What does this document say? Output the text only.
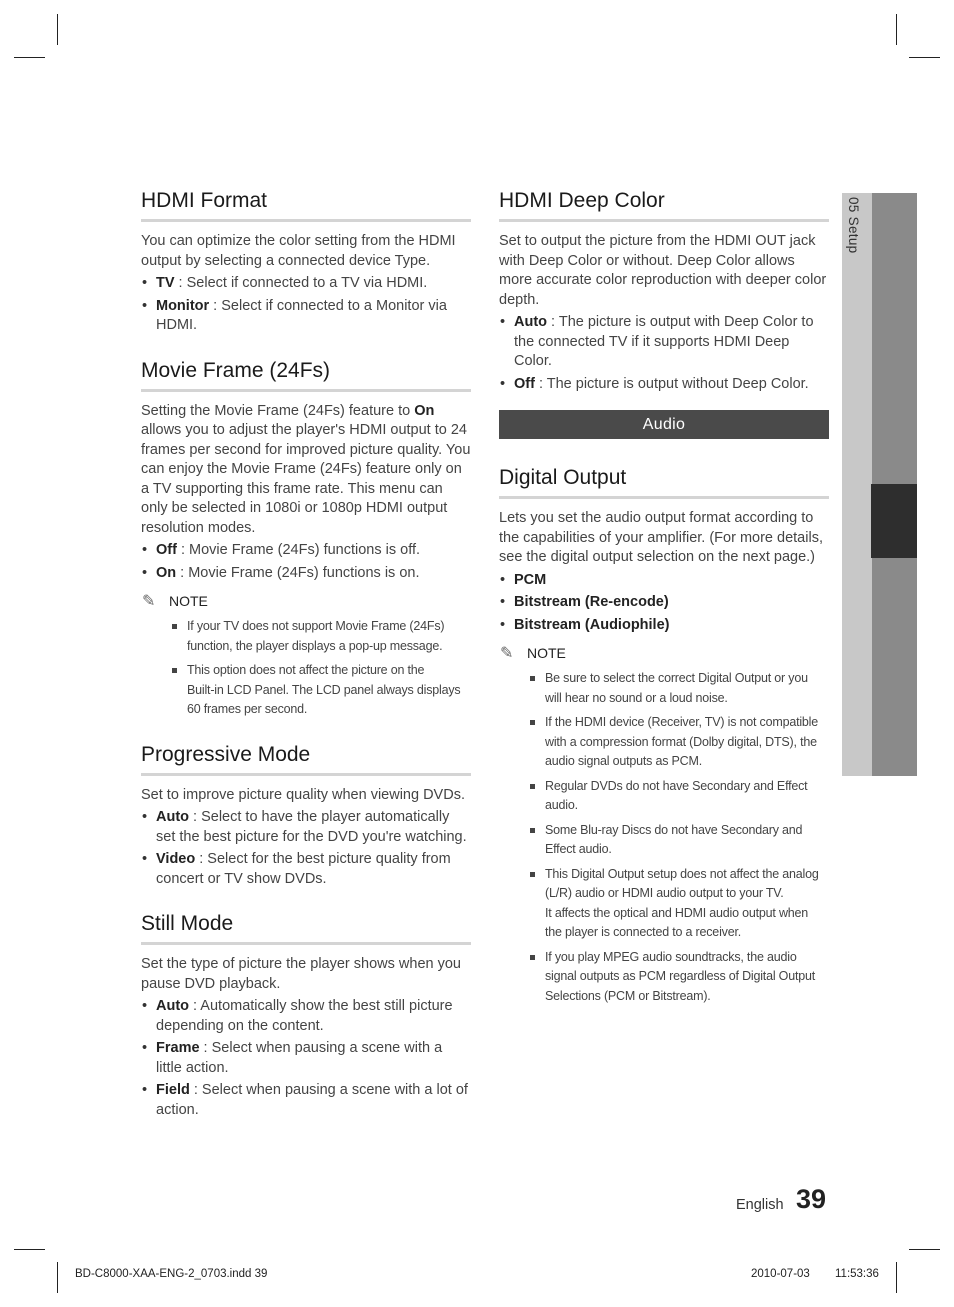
HDMI Format

You can optimize the color setting from the HDMI output by selecting a connected device Type.

• TV : Select if connected to a TV via HDMI.
• Monitor : Select if connected to a Monitor via HDMI.
Movie Frame (24Fs)

Setting the Movie Frame (24Fs) feature to On allows you to adjust the player's HDMI output to 24 frames per second for improved picture quality. You can enjoy the Movie Frame (24Fs) feature only on a TV supporting this frame rate. This menu can only be selected in 1080i or 1080p HDMI output resolution modes.

• Off : Movie Frame (24Fs) functions is off.
• On : Movie Frame (24Fs) functions is on.
✎ NOTE
If your TV does not support Movie Frame (24Fs)
function, the player displays a pop-up message.
This option does not affect the picture on the
Built-in LCD Panel. The LCD panel always displays
60 frames per second.
Progressive Mode

Set to improve picture quality when viewing DVDs.

• Auto : Select to have the player automatically set the best picture for the DVD you're watching.
• Video : Select for the best picture quality from concert or TV show DVDs.
Still Mode

Set the type of picture the player shows when you pause DVD playback.

• Auto : Automatically show the best still picture depending on the content.
• Frame : Select when pausing a scene with a little action.
• Field : Select when pausing a scene with a lot of action.
HDMI Deep Color

Set to output the picture from the HDMI OUT jack with Deep Color or without. Deep Color allows more accurate color reproduction with deeper color depth.

• Auto : The picture is output with Deep Color to the connected TV if it supports HDMI Deep Color.
• Off : The picture is output without Deep Color.
Audio
Digital Output

Lets you set the audio output format according to the capabilities of your amplifier. (For more details, see the digital output selection on the next page.)

• PCM
• Bitstream (Re-encode)
• Bitstream (Audiophile)
✎ NOTE
Be sure to select the correct Digital Output or you
will hear no sound or a loud noise.
If the HDMI device (Receiver, TV) is not compatible
with a compression format (Dolby digital, DTS), the
audio signal outputs as PCM.
Regular DVDs do not have Secondary and Effect
audio.
Some Blu-ray Discs do not have Secondary and
Effect audio.
This Digital Output setup does not affect the analog
(L/R) audio or HDMI audio output to your TV.
It affects the optical and HDMI audio output when
the player is connected to a receiver.
If you play MPEG audio soundtracks, the audio
signal outputs as PCM regardless of Digital Output
Selections (PCM or Bitstream).
05 Setup
English 39
BD-C8000-XAA-ENG-2_0703.indd 39	2010-07-03 11:53:36
